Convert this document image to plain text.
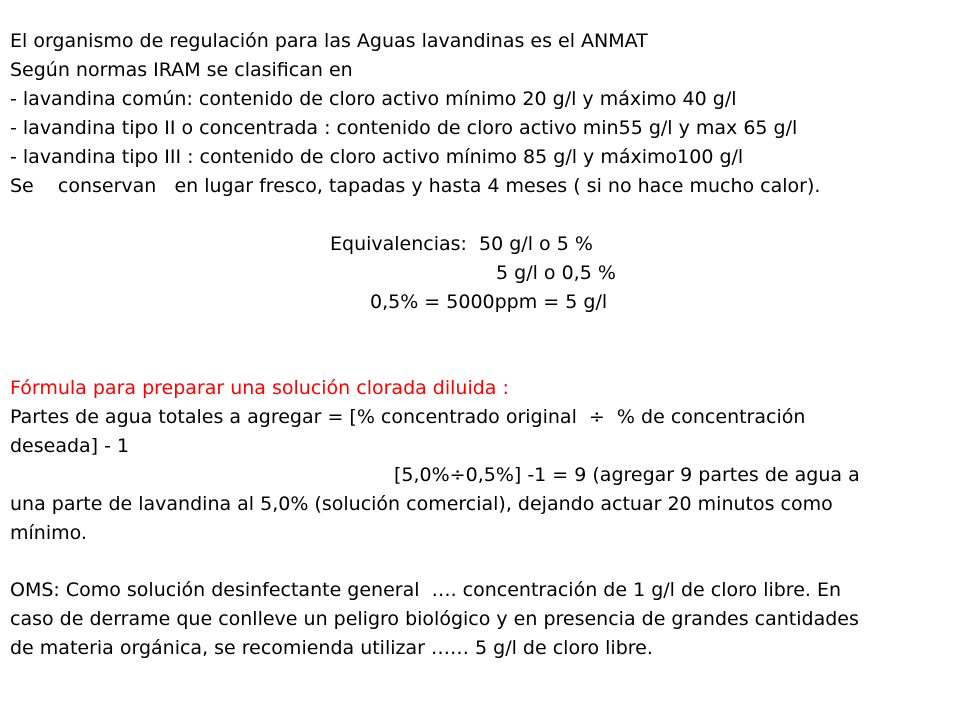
El organismo de regulación para las Aguas lavandinas es el ANMAT
Según normas IRAM se clasifican en
- lavandina común: contenido de cloro activo mínimo 20 g/l y máximo 40 g/l
- lavandina tipo II o concentrada : contenido de cloro activo min55 g/l y max 65 g/l
- lavandina tipo III : contenido de cloro activo mínimo 85 g/l y máximo100 g/l
Se    conservan   en lugar fresco, tapadas y hasta 4 meses ( si no hace mucho calor).
Equivalencias:  50 g/l o 5 %
5 g/l o 0,5 %
0,5% = 5000ppm = 5 g/l
Fórmula para preparar una solución clorada diluida :
Partes de agua totales a agregar = [% concentrado original  ÷  % de concentración
deseada] - 1
[5,0%÷0,5%] -1 = 9 (agregar 9 partes de agua a
una parte de lavandina al 5,0% (solución comercial), dejando actuar 20 minutos como
mínimo.
OMS: Como solución desinfectante general  …. concentración de 1 g/l de cloro libre. En
caso de derrame que conlleve un peligro biológico y en presencia de grandes cantidades
de materia orgánica, se recomienda utilizar …… 5 g/l de cloro libre.
